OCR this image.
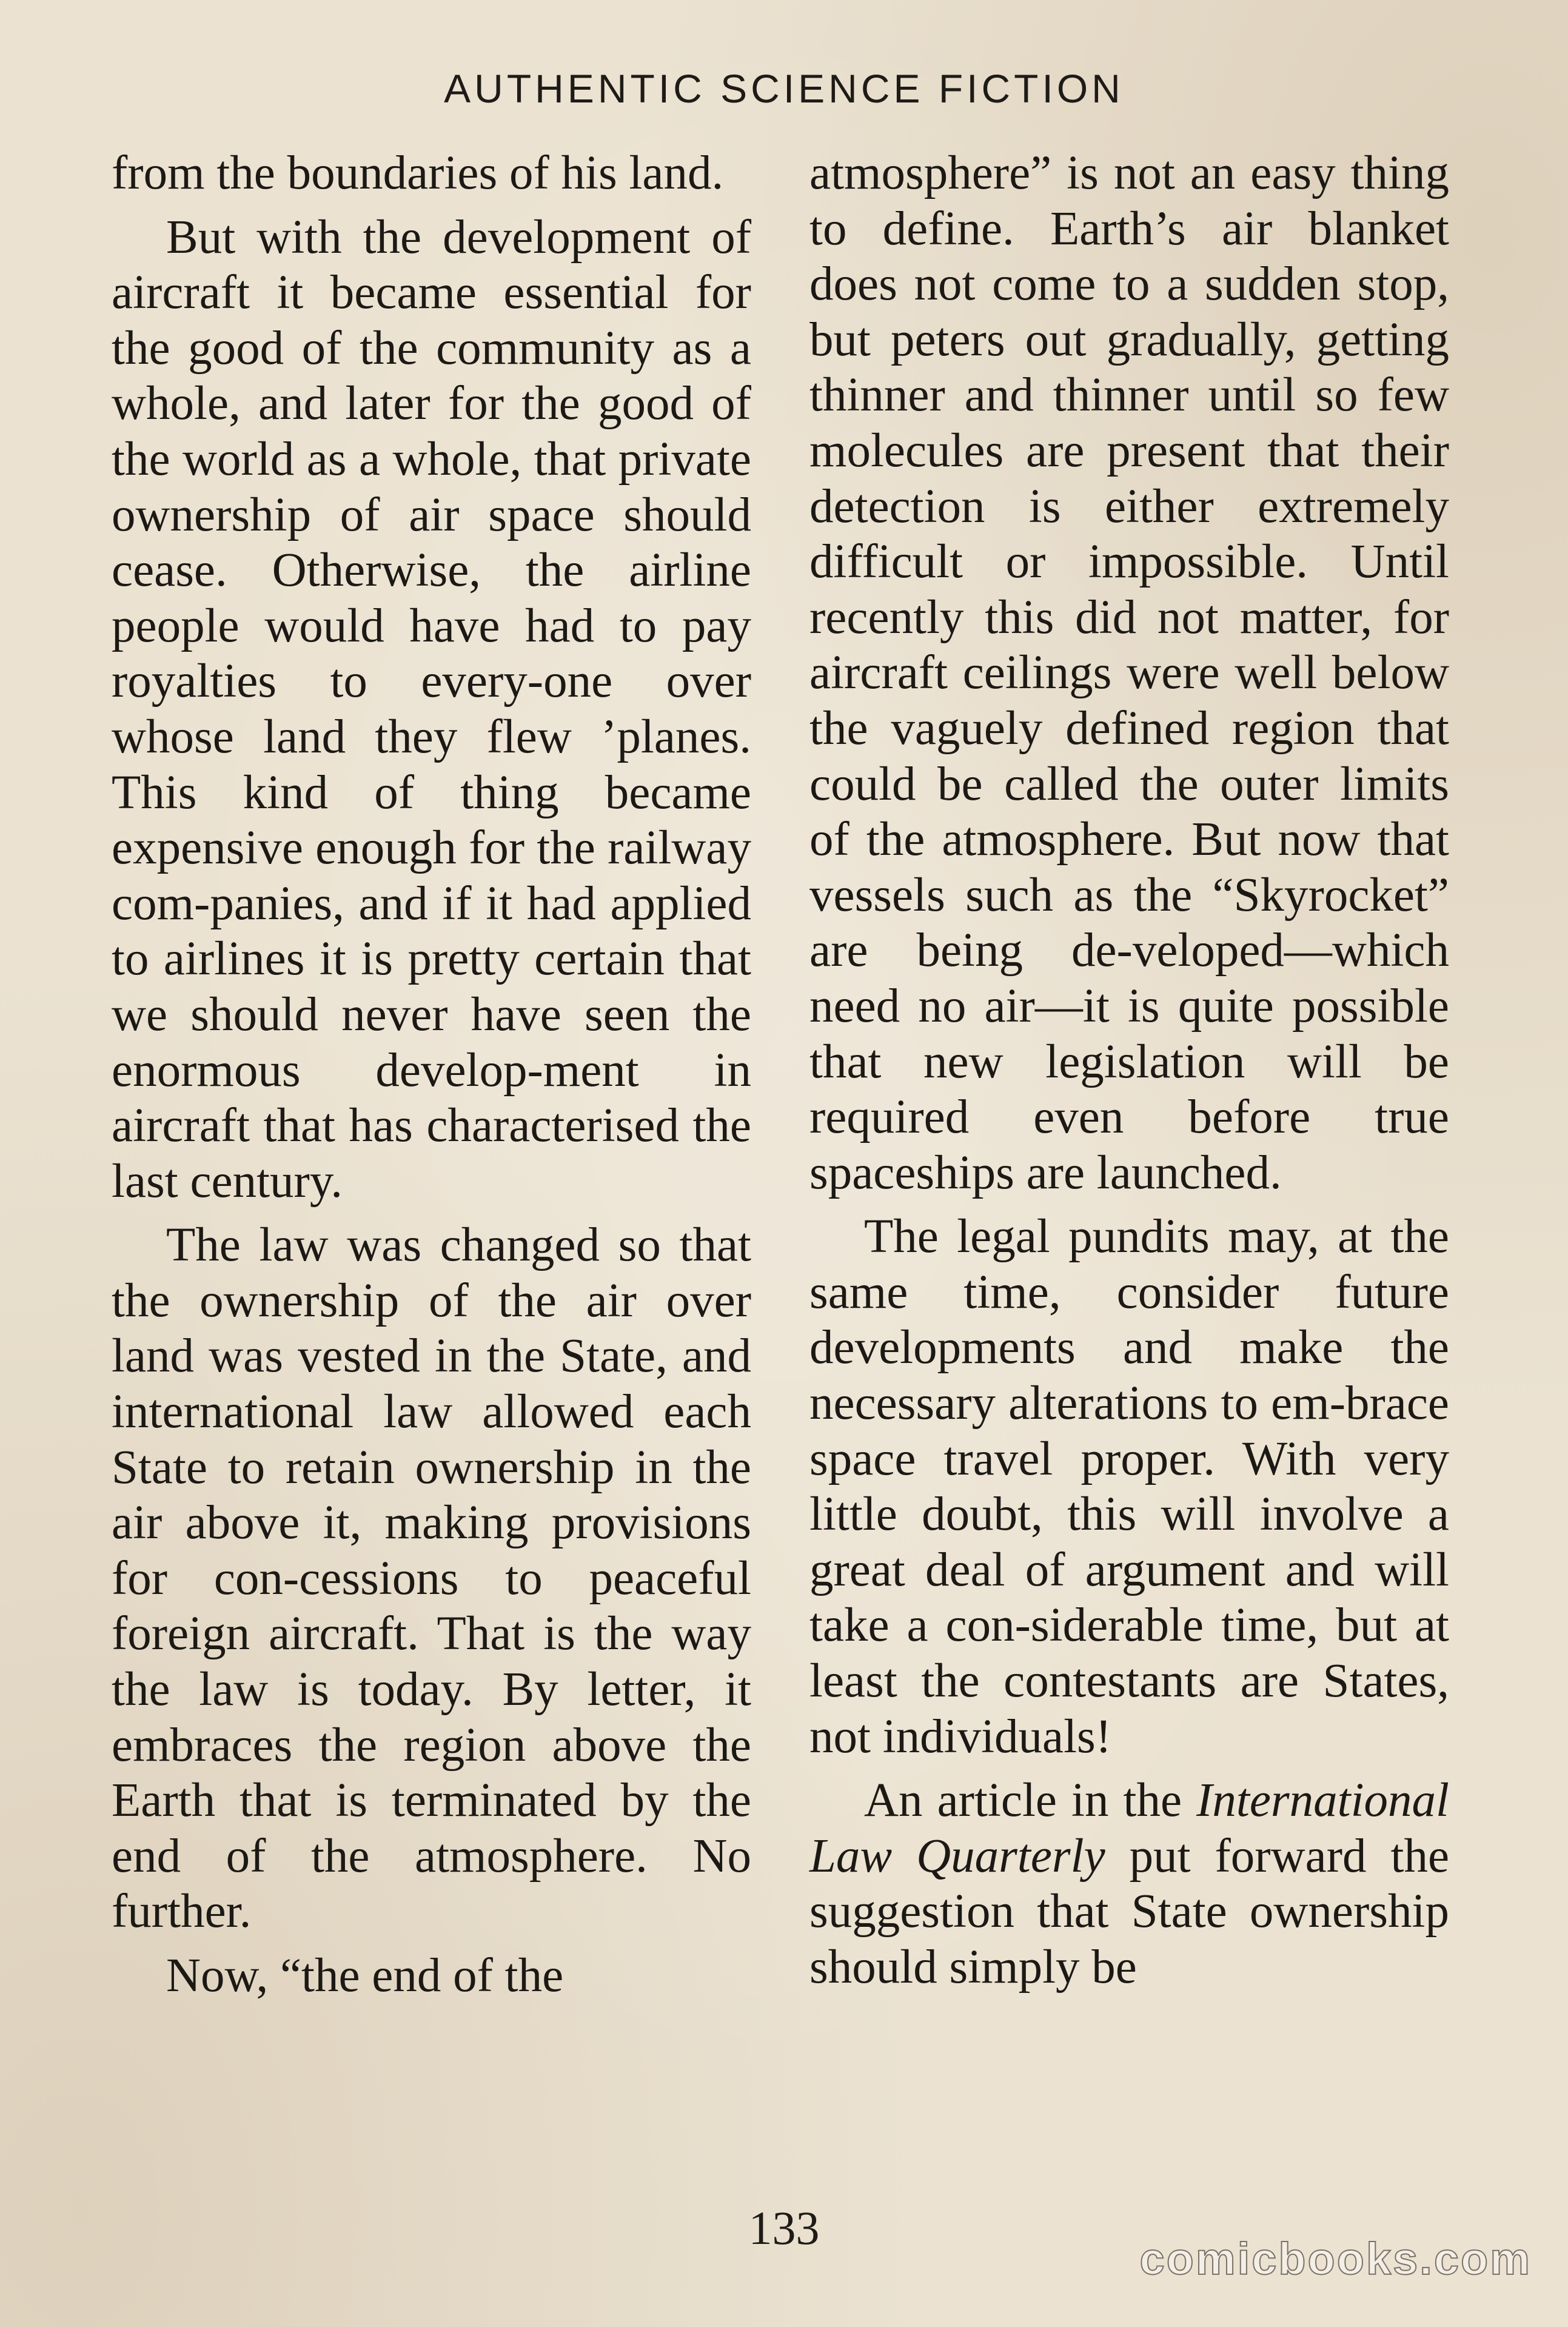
AUTHENTIC SCIENCE FICTION

from the boundaries of his land.

But with the development of aircraft it became essential for the good of the community as a whole, and later for the good of the world as a whole, that private ownership of air space should cease. Otherwise, the airline people would have had to pay royalties to every-one over whose land they flew ’planes. This kind of thing became expensive enough for the railway com-panies, and if it had applied to airlines it is pretty certain that we should never have seen the enormous develop-ment in aircraft that has characterised the last century.

The law was changed so that the ownership of the air over land was vested in the State, and international law allowed each State to retain ownership in the air above it, making provisions for con-cessions to peaceful foreign aircraft. That is the way the law is today. By letter, it embraces the region above the Earth that is terminated by the end of the atmosphere. No further.

Now, “the end of the

atmosphere” is not an easy thing to define. Earth’s air blanket does not come to a sudden stop, but peters out gradually, getting thinner and thinner until so few molecules are present that their detection is either extremely difficult or impossible. Until recently this did not matter, for aircraft ceilings were well below the vaguely defined region that could be called the outer limits of the atmosphere. But now that vessels such as the “Skyrocket” are being de-veloped—which need no air—it is quite possible that new legislation will be required even before true spaceships are launched.

The legal pundits may, at the same time, consider future developments and make the necessary alterations to em-brace space travel proper. With very little doubt, this will involve a great deal of argument and will take a con-siderable time, but at least the contestants are States, not individuals!

An article in the International Law Quarterly put forward the suggestion that State ownership should simply be

133
comicbooks.com
